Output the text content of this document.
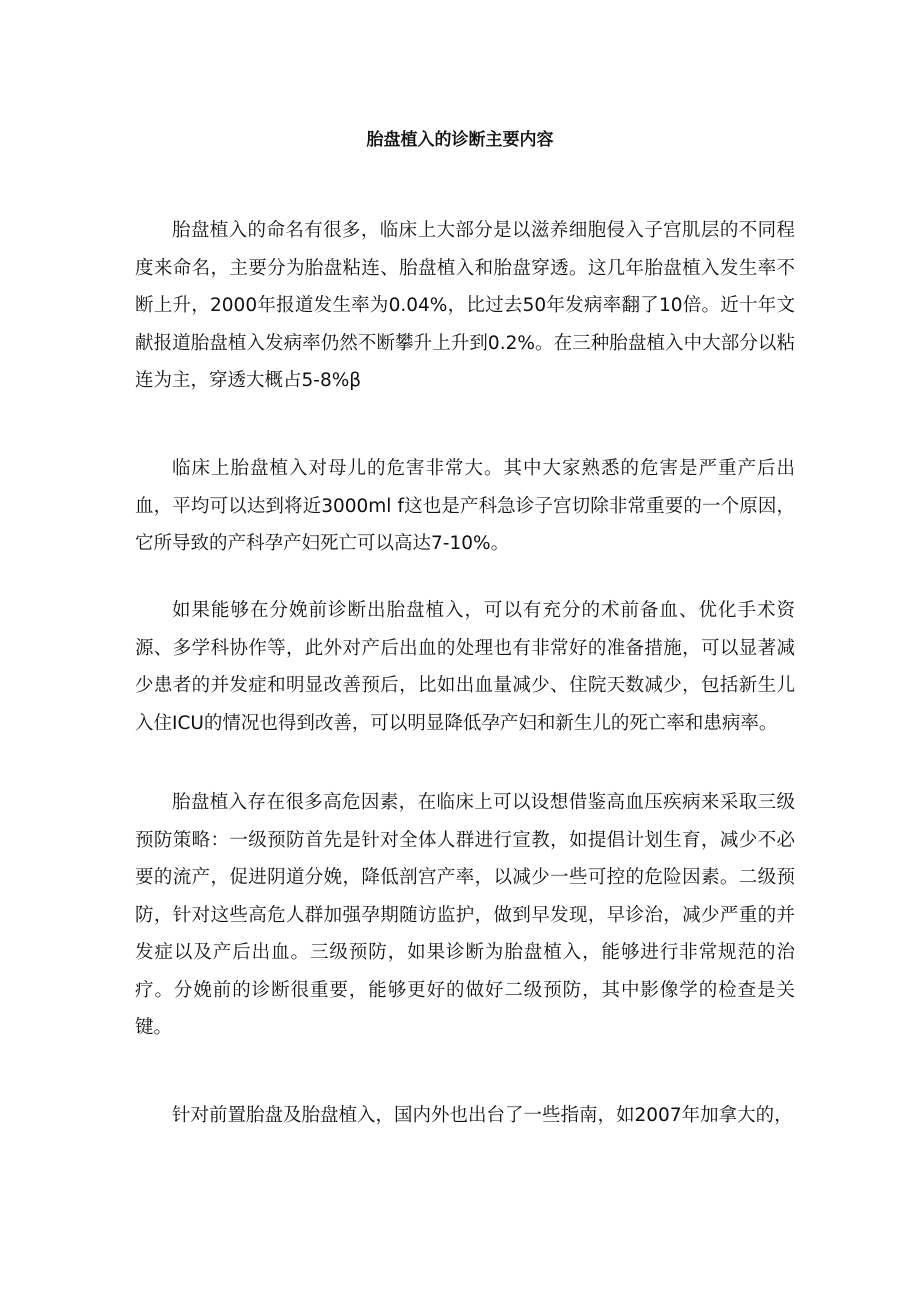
胎盘植入的诊断主要内容

胎盘植入的命名有很多，临床上大部分是以滋养细胞侵入子宫肌层的不同程度来命名，主要分为胎盘粘连、胎盘植入和胎盘穿透。这几年胎盘植入发生率不断上升，2000年报道发生率为0.04%，比过去50年发病率翻了10倍。近十年文献报道胎盘植入发病率仍然不断攀升上升到0.2%。在三种胎盘植入中大部分以粘连为主，穿透大概占5-8%β

临床上胎盘植入对母儿的危害非常大。其中大家熟悉的危害是严重产后出血，平均可以达到将近3000ml f这也是产科急诊子宫切除非常重要的一个原因，它所导致的产科孕产妇死亡可以高达7-10%。

如果能够在分娩前诊断出胎盘植入，可以有充分的术前备血、优化手术资源、多学科协作等，此外对产后出血的处理也有非常好的准备措施，可以显著减少患者的并发症和明显改善预后，比如出血量减少、住院天数减少，包括新生儿入住ICU的情况也得到改善，可以明显降低孕产妇和新生儿的死亡率和患病率。

胎盘植入存在很多高危因素，在临床上可以设想借鉴高血压疾病来采取三级预防策略：一级预防首先是针对全体人群进行宣教，如提倡计划生育，减少不必要的流产，促进阴道分娩，降低剖宫产率，以减少一些可控的危险因素。二级预防，针对这些高危人群加强孕期随访监护，做到早发现，早诊治，减少严重的并发症以及产后出血。三级预防，如果诊断为胎盘植入，能够进行非常规范的治疗。分娩前的诊断很重要，能够更好的做好二级预防，其中影像学的检查是关键。

针对前置胎盘及胎盘植入，国内外也出台了一些指南，如2007年加拿大的，
